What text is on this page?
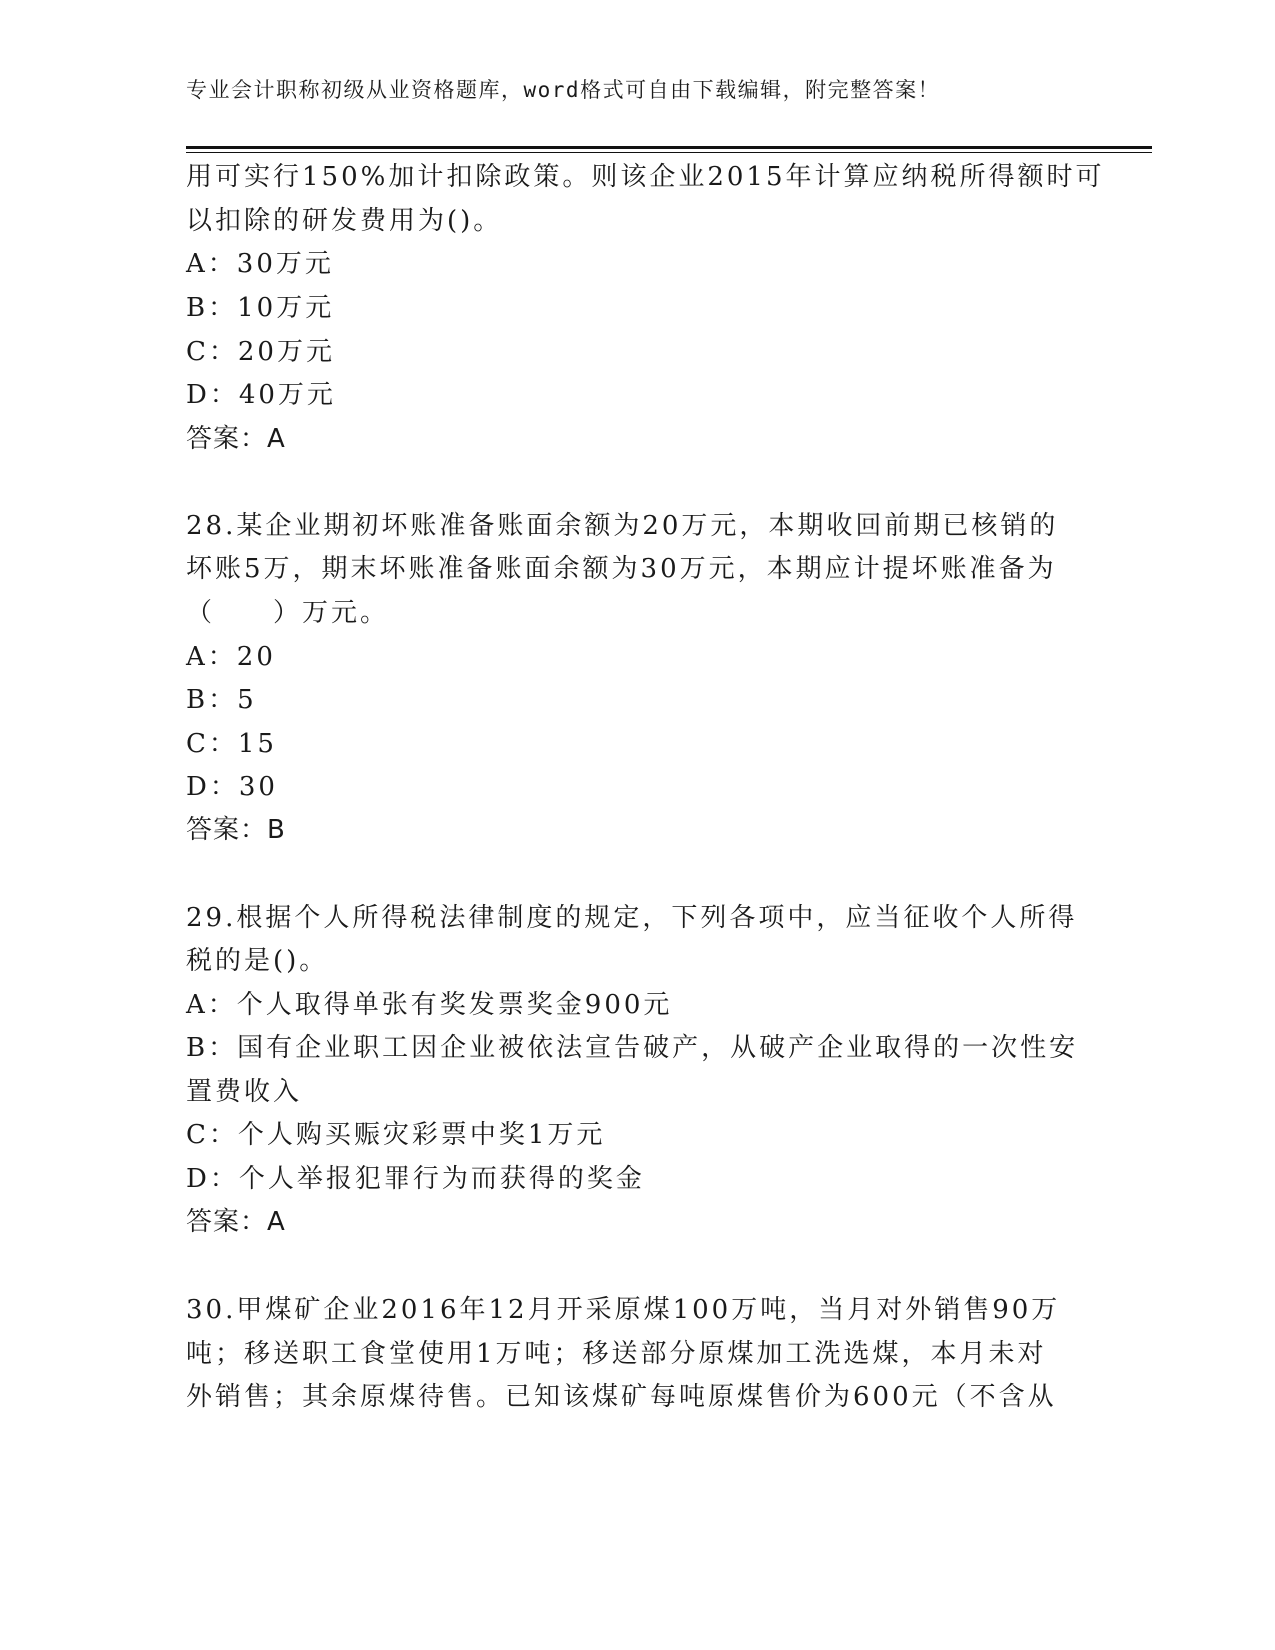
专业会计职称初级从业资格题库，word格式可自由下载编辑，附完整答案！
用可实行150%加计扣除政策。则该企业2015年计算应纳税所得额时可
以扣除的研发费用为()。
A：30万元
B：10万元
C：20万元
D：40万元
答案：A
28.某企业期初坏账准备账面余额为20万元，本期收回前期已核销的
坏账5万，期末坏账准备账面余额为30万元，本期应计提坏账准备为
（　　）万元。
A：20
B：5
C：15
D：30
答案：B
29.根据个人所得税法律制度的规定，下列各项中，应当征收个人所得
税的是()。
A：个人取得单张有奖发票奖金900元
B：国有企业职工因企业被依法宣告破产，从破产企业取得的一次性安
置费收入
C：个人购买赈灾彩票中奖1万元
D：个人举报犯罪行为而获得的奖金
答案：A
30.甲煤矿企业2016年12月开采原煤100万吨，当月对外销售90万
吨；移送职工食堂使用1万吨；移送部分原煤加工洗选煤，本月未对
外销售；其余原煤待售。已知该煤矿每吨原煤售价为600元（不含从
